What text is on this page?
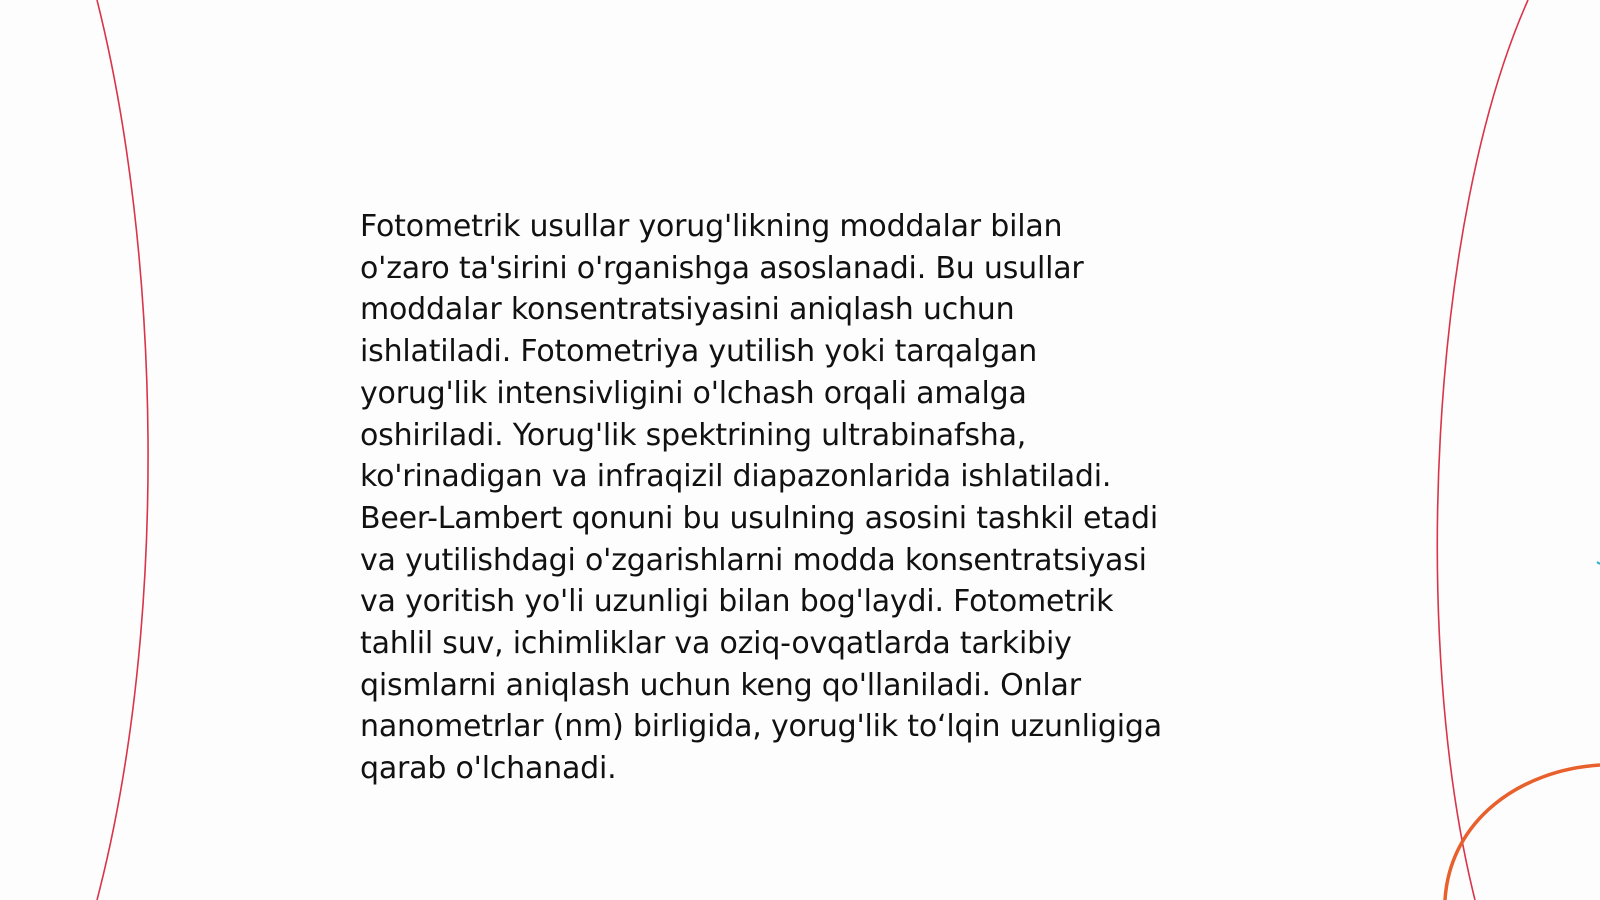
Fotometrik usullar yorug'likning moddalar bilan
o'zaro ta'sirini o'rganishga asoslanadi. Bu usullar
moddalar konsentratsiyasini aniqlash uchun
ishlatiladi. Fotometriya yutilish yoki tarqalgan
yorug'lik intensivligini o'lchash orqali amalga
oshiriladi. Yorug'lik spektrining ultrabinafsha,
ko'rinadigan va infraqizil diapazonlarida ishlatiladi.
Beer-Lambert qonuni bu usulning asosini tashkil etadi
va yutilishdagi o'zgarishlarni modda konsentratsiyasi
va yoritish yo'li uzunligi bilan bog'laydi. Fotometrik
tahlil suv, ichimliklar va oziq-ovqatlarda tarkibiy
qismlarni aniqlash uchun keng qo'llaniladi. Onlar
nanometrlar (nm) birligida, yorug'lik to‘lqin uzunligiga
qarab o'lchanadi.
